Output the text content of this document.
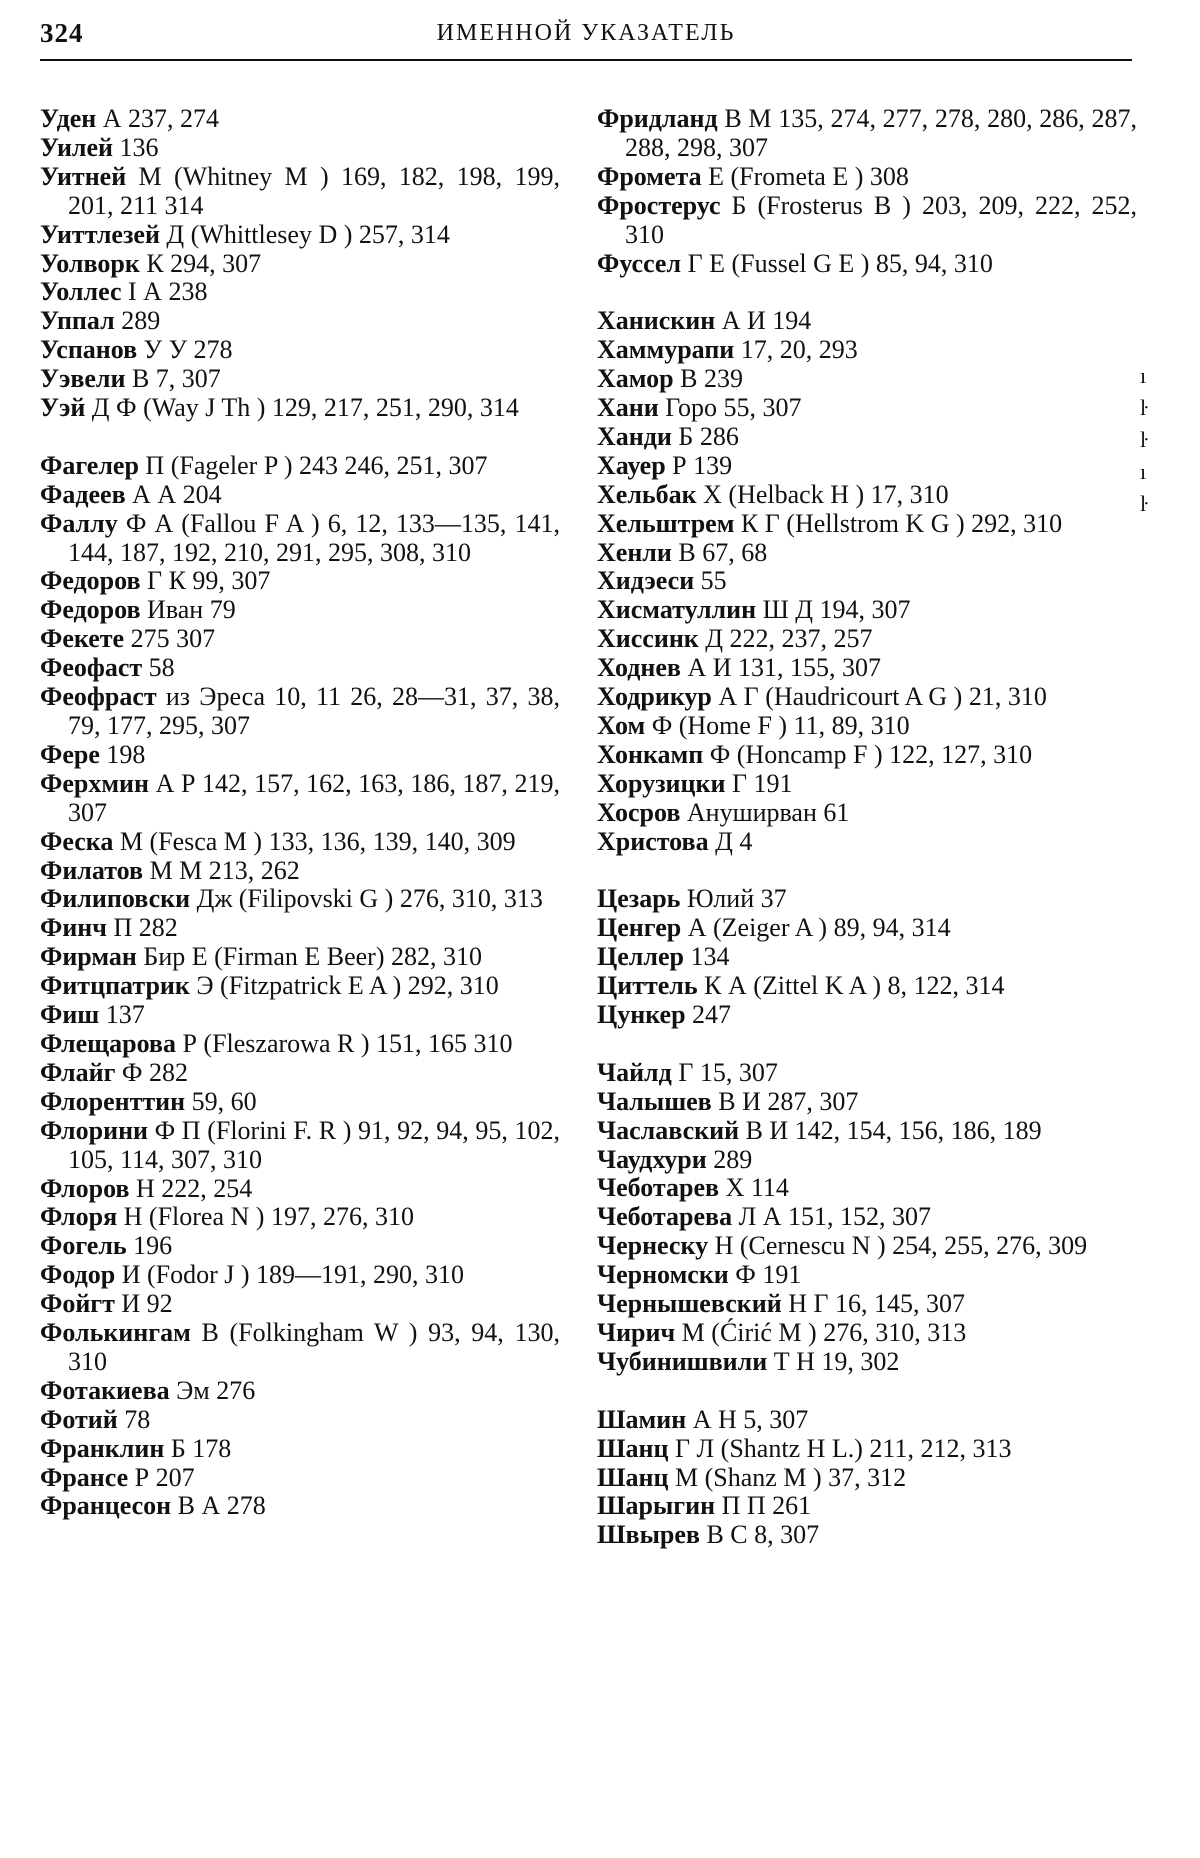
324	ИМЕННОЙ УКАЗАТЕЛЬ
Уден А 237, 274
Уилей 136
Уитней М (Whitney M ) 169, 182, 198, 199, 201, 211 314
Уиттлезей Д (Whittlesey D ) 257, 314
Уолворк К 294, 307
Уоллес I А 238
Уппал 289
Успанов У У 278
Уэвели В 7, 307
Уэй Д Ф (Way J Th ) 129, 217, 251, 290, 314
Фагелер П (Fageler P ) 243 246, 251, 307
Фадеев А А 204
Фаллу Ф А (Fallou F A ) 6, 12, 133—135, 141, 144, 187, 192, 210, 291, 295, 308, 310
Федоров Г К 99, 307
Федоров Иван 79
Фекете 275 307
Феофаст 58
Феофраст из Эреса 10, 11 26, 28—31, 37, 38, 79, 177, 295, 307
Фере 198
Ферхмин А Р 142, 157, 162, 163, 186, 187, 219, 307
Феска М (Fesca M ) 133, 136, 139, 140, 309
Филатов М М 213, 262
Филиповски Дж (Filipovski G ) 276, 310, 313
Финч П 282
Фирман Бир Е (Firman E Beer) 282, 310
Фитцпатрик Э (Fitzpatrick E A ) 292, 310
Фиш 137
Флещарова Р (Fleszarowa R ) 151, 165 310
Флайг Ф 282
Флоренттин 59, 60
Флорини Ф П (Florini F. R ) 91, 92, 94, 95, 102, 105, 114, 307, 310
Флоров Н 222, 254
Флоря Н (Florea N ) 197, 276, 310
Фогель 196
Фодор И (Fodor J ) 189—191, 290, 310
Фойгт И 92
Фолькингам В (Folkingham W ) 93, 94, 130, 310
Фотакиева Эм 276
Фотий 78
Франклин Б 178
Франсе Р 207
Францесон В А 278
Фридланд В М 135, 274, 277, 278, 280, 286, 287, 288, 298, 307
Фромета Е (Frometa E ) 308
Фростерус Б (Frosterus B ) 203, 209, 222, 252, 310
Фуссел Г Е (Fussel G E ) 85, 94, 310
Ханискин А И 194
Хаммурапи 17, 20, 293
Хамор В 239
Хани Горо 55, 307
Ханди Б 286
Хауер Р 139
Хельбак Х (Helback H ) 17, 310
Хельштрем К Г (Hellstrom K G ) 292, 310
Хенли В 67, 68
Хидэеси 55
Хисматуллин Ш Д 194, 307
Хиссинк Д 222, 237, 257
Ходнев А И 131, 155, 307
Ходрикур А Г (Haudricourt A G ) 21, 310
Хом Ф (Home F ) 11, 89, 310
Хонкамп Ф (Honcamp F ) 122, 127, 310
Хорузицки Г 191
Хосров Ануширван 61
Христова Д 4
Цезарь Юлий 37
Ценгер А (Zeiger A ) 89, 94, 314
Целлер 134
Циттель К А (Zittel K A ) 8, 122, 314
Цункер 247
Чайлд Г 15, 307
Чалышев В И 287, 307
Чаславский В И 142, 154, 156, 186, 189
Чаудхури 289
Чеботарев Х 114
Чеботарева Л А 151, 152, 307
Чернеску Н (Cernescu N ) 254, 255, 276, 309
Черномски Ф 191
Чернышевский Н Г 16, 145, 307
Чирич М (Ćirić M ) 276, 310, 313
Чубинишвили Т Н 19, 302
Шамин А Н 5, 307
Шанц Г Л (Shantz H L.) 211, 212, 313
Шанц М (Shanz M ) 37, 312
Шарыгин П П 261
Швырев В С 8, 307
ı
ŀ
ŀ
ı
ŀ
